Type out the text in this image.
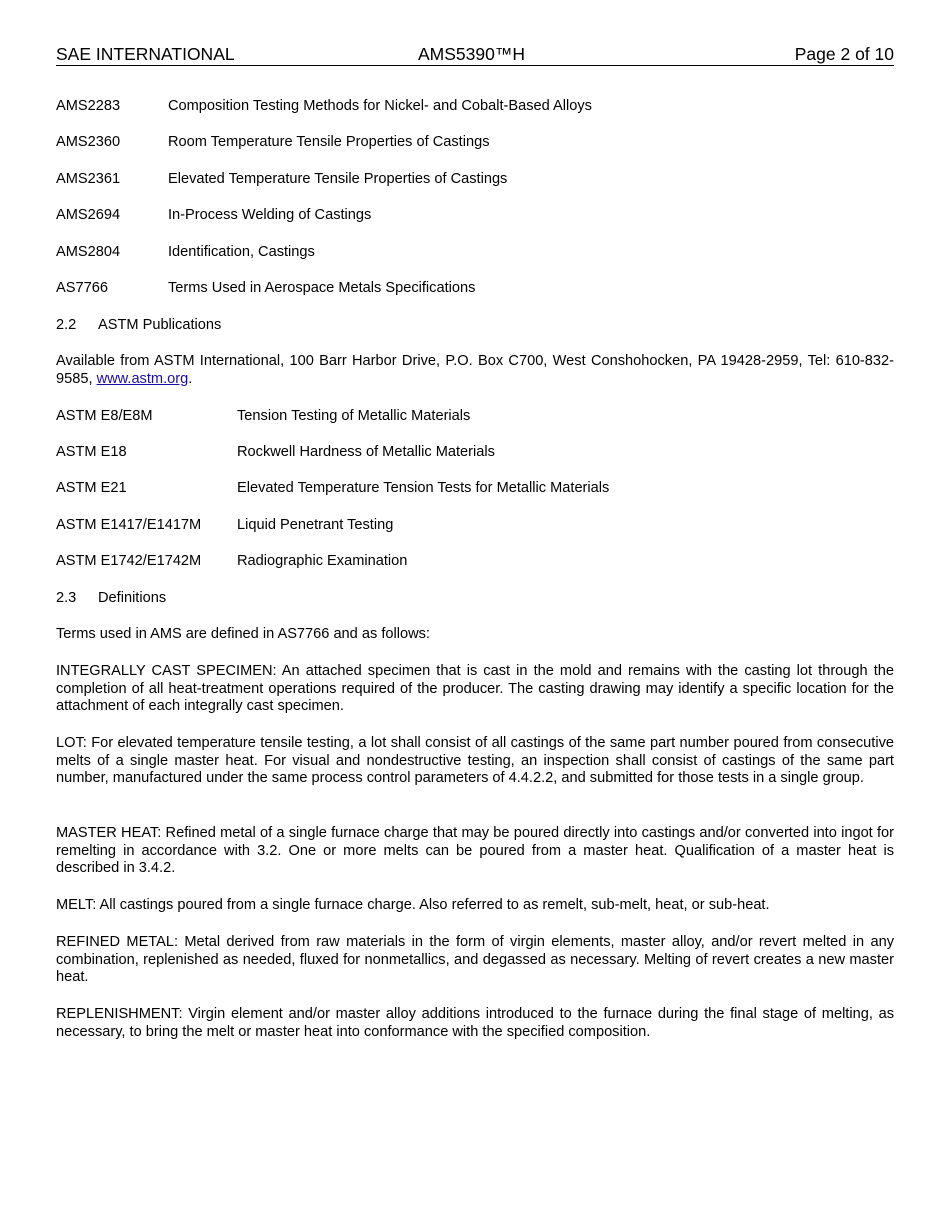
SAE INTERNATIONAL	AMS5390™H	Page 2 of 10
AMS2283	Composition Testing Methods for Nickel- and Cobalt-Based Alloys
AMS2360	Room Temperature Tensile Properties of Castings
AMS2361	Elevated Temperature Tensile Properties of Castings
AMS2694	In-Process Welding of Castings
AMS2804	Identification, Castings
AS7766	Terms Used in Aerospace Metals Specifications
2.2 ASTM Publications

Available from ASTM International, 100 Barr Harbor Drive, P.O. Box C700, West Conshohocken, PA 19428-2959, Tel: 610-832-9585, www.astm.org.

ASTM E8/E8M	Tension Testing of Metallic Materials
ASTM E18	Rockwell Hardness of Metallic Materials
ASTM E21	Elevated Temperature Tension Tests for Metallic Materials
ASTM E1417/E1417M Liquid Penetrant Testing
ASTM E1742/E1742M Radiographic Examination
2.3 Definitions

Terms used in AMS are defined in AS7766 and as follows:

INTEGRALLY CAST SPECIMEN: An attached specimen that is cast in the mold and remains with the casting lot through the completion of all heat-treatment operations required of the producer. The casting drawing may identify a specific location for the attachment of each integrally cast specimen.

LOT: For elevated temperature tensile testing, a lot shall consist of all castings of the same part number poured from consecutive melts of a single master heat. For visual and nondestructive testing, an inspection shall consist of castings of the same part number, manufactured under the same process control parameters of 4.4.2.2, and submitted for those tests in a single group.

MASTER HEAT: Refined metal of a single furnace charge that may be poured directly into castings and/or converted into ingot for remelting in accordance with 3.2. One or more melts can be poured from a master heat. Qualification of a master heat is described in 3.4.2.

MELT: All castings poured from a single furnace charge. Also referred to as remelt, sub-melt, heat, or sub-heat.

REFINED METAL: Metal derived from raw materials in the form of virgin elements, master alloy, and/or revert melted in any combination, replenished as needed, fluxed for nonmetallics, and degassed as necessary. Melting of revert creates a new master heat.

REPLENISHMENT: Virgin element and/or master alloy additions introduced to the furnace during the final stage of melting, as necessary, to bring the melt or master heat into conformance with the specified composition.
